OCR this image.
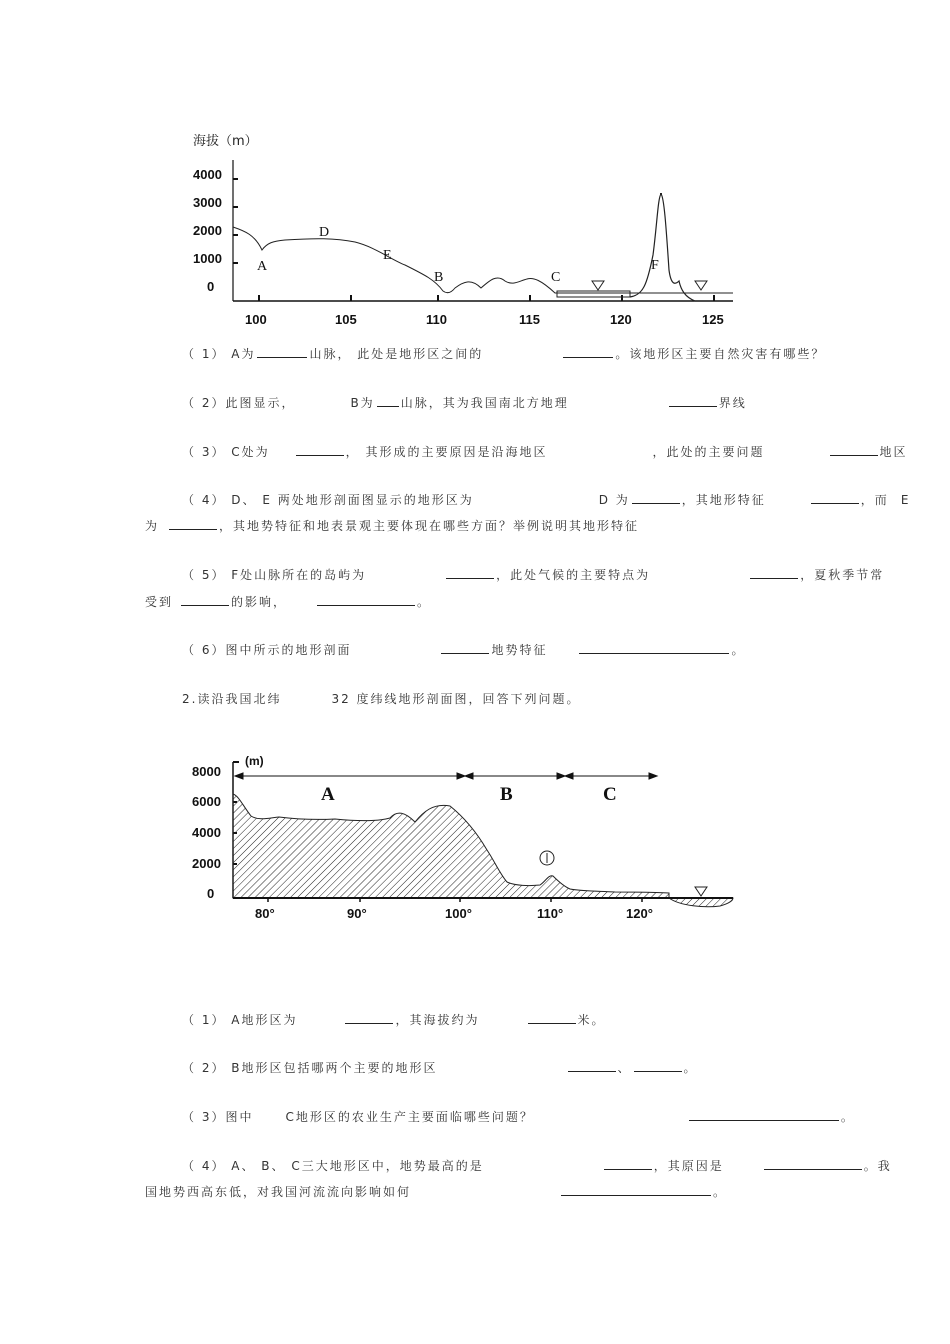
海拔（m）
4000
3000
2000
1000
0
100	105	110	115	120	125
A
B	C
D
E
F
（ 1） A为	山脉， 此处是地形区之间的	。该地形区主要自然灾害有哪些？
（ 2）此图显示，	B为 山脉，其为我国南北方地理	界线
（ 3） C处为	， 其形成的主要原因是沿海地区	，此处的主要问题	地区
（ 4） D、 E 两处地形剖面图显示的地形区为	D 为	，其地形特征	，而 E
为	，其地势特征和地表景观主要体现在哪些方面？举例说明其地形特征
（ 5） F处山脉所在的岛屿为	，此处气候的主要特点为	，夏秋季节常
受到	的影响，	。
（ 6）图中所示的地形剖面	地势特征	。
2.读沿我国北纬	32 度纬线地形剖面图，回答下列问题。
(m)
8000
6000
4000
2000
0
A	B	C
80°	90°	100°	110°	120°
（ 1） A地形区为	，其海拔约为	米。
（ 2） B地形区包括哪两个主要的地形区	、	。
（ 3）图中	C地形区的农业生产主要面临哪些问题？	。
（ 4） A、 B、 C三大地形区中，地势最高的是	，其原因是	。我
国地势西高东低，对我国河流流向影响如何	。
